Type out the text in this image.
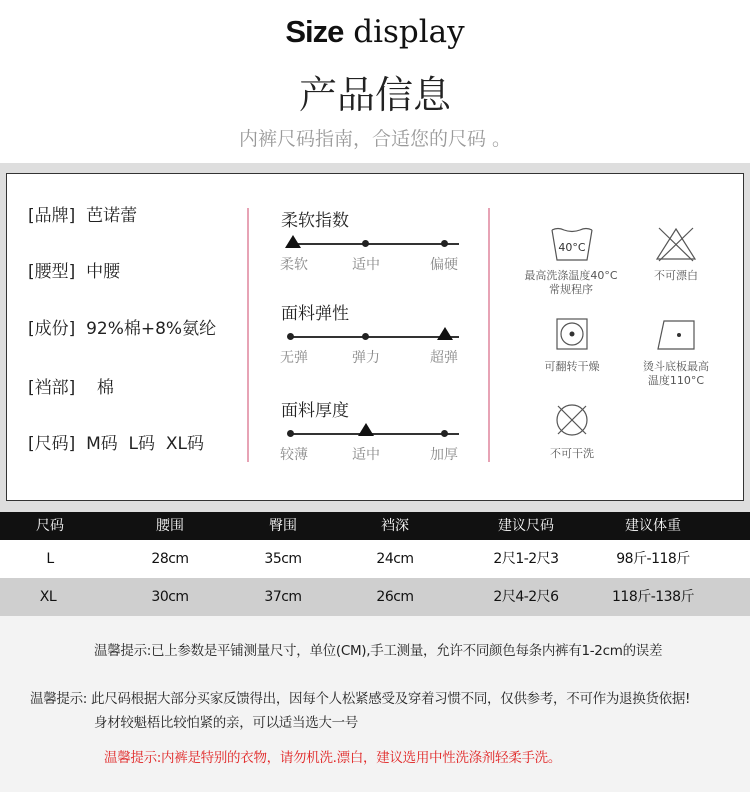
Size display
产品信息
内裤尺码指南，合适您的尺码 。
[品牌] 芭诺蕾
[腰型] 中腰
[成份] 92%棉+8%氨纶
[裆部] 棉
[尺码] M码  L码  XL码
柔软指数
柔软	适中	偏硬
面料弹性
无弹	弹力	超弹
面料厚度
较薄	适中	加厚
40°C
最高洗涤温度40°C
常规程序
不可漂白
可翻转干燥	烫斗底板最高
温度110°C
不可干洗
尺码	腰围	臀围	裆深	建议尺码	建议体重
L	28cm	35cm	24cm	2尺1-2尺3	98斤-118斤
XL	30cm	37cm	26cm	2尺4-2尺6	118斤-138斤
温馨提示:已上参数是平铺测量尺寸，单位(CM),手工测量，允许不同颜色每条内裤有1-2cm的误差
温馨提示: 此尺码根据大部分买家反馈得出，因每个人松紧感受及穿着习惯不同，仅供参考，不可作为退换货依据!
身材较魁梧比较怕紧的亲，可以适当选大一号
温馨提示:内裤是特别的衣物，请勿机洗.漂白，建议选用中性洗涤剂轻柔手洗。
